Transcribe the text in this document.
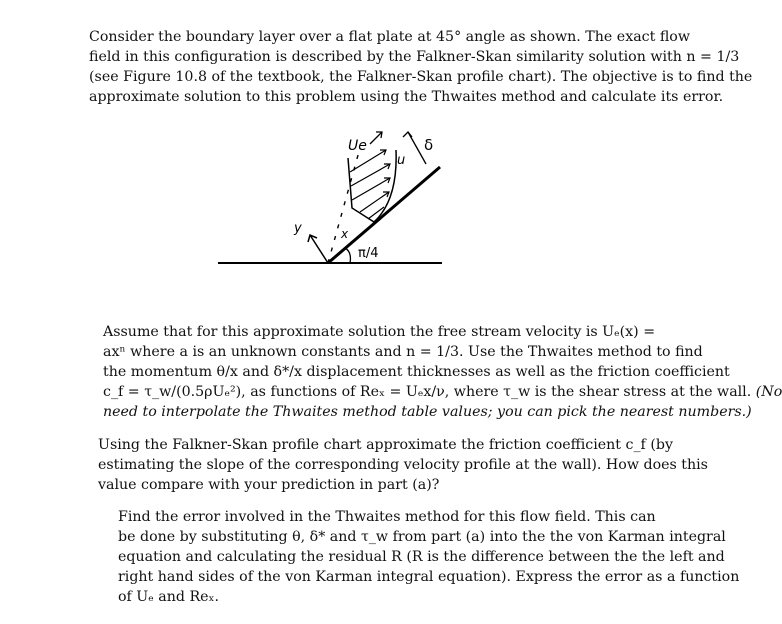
Consider the boundary layer over a flat plate at 45° angle as shown. The exact flow
field in this configuration is described by the Falkner-Skan similarity solution with n = 1/3
(see Figure 10.8 of the textbook, the Falkner-Skan profile chart). The objective is to find the
approximate solution to this problem using the Thwaites method and calculate its error.
Ue
u
δ
y	x
π/4
Assume that for this approximate solution the free stream velocity is Uₑ(x) =
axⁿ where a is an unknown constants and n = 1/3. Use the Thwaites method to find
the momentum θ/x and δ*/x displacement thicknesses as well as the friction coefficient
c_f = τ_w/(0.5ρUₑ²), as functions of Reₓ = Uₑx/ν, where τ_w is the shear stress at the wall. (No
need to interpolate the Thwaites method table values; you can pick the nearest numbers.)
Using the Falkner-Skan profile chart approximate the friction coefficient c_f (by
estimating the slope of the corresponding velocity profile at the wall). How does this
value compare with your prediction in part (a)?
Find the error involved in the Thwaites method for this flow field. This can
be done by substituting θ, δ* and τ_w from part (a) into the the von Karman integral
equation and calculating the residual R (R is the difference between the the left and
right hand sides of the von Karman integral equation). Express the error as a function
of Uₑ and Reₓ.
